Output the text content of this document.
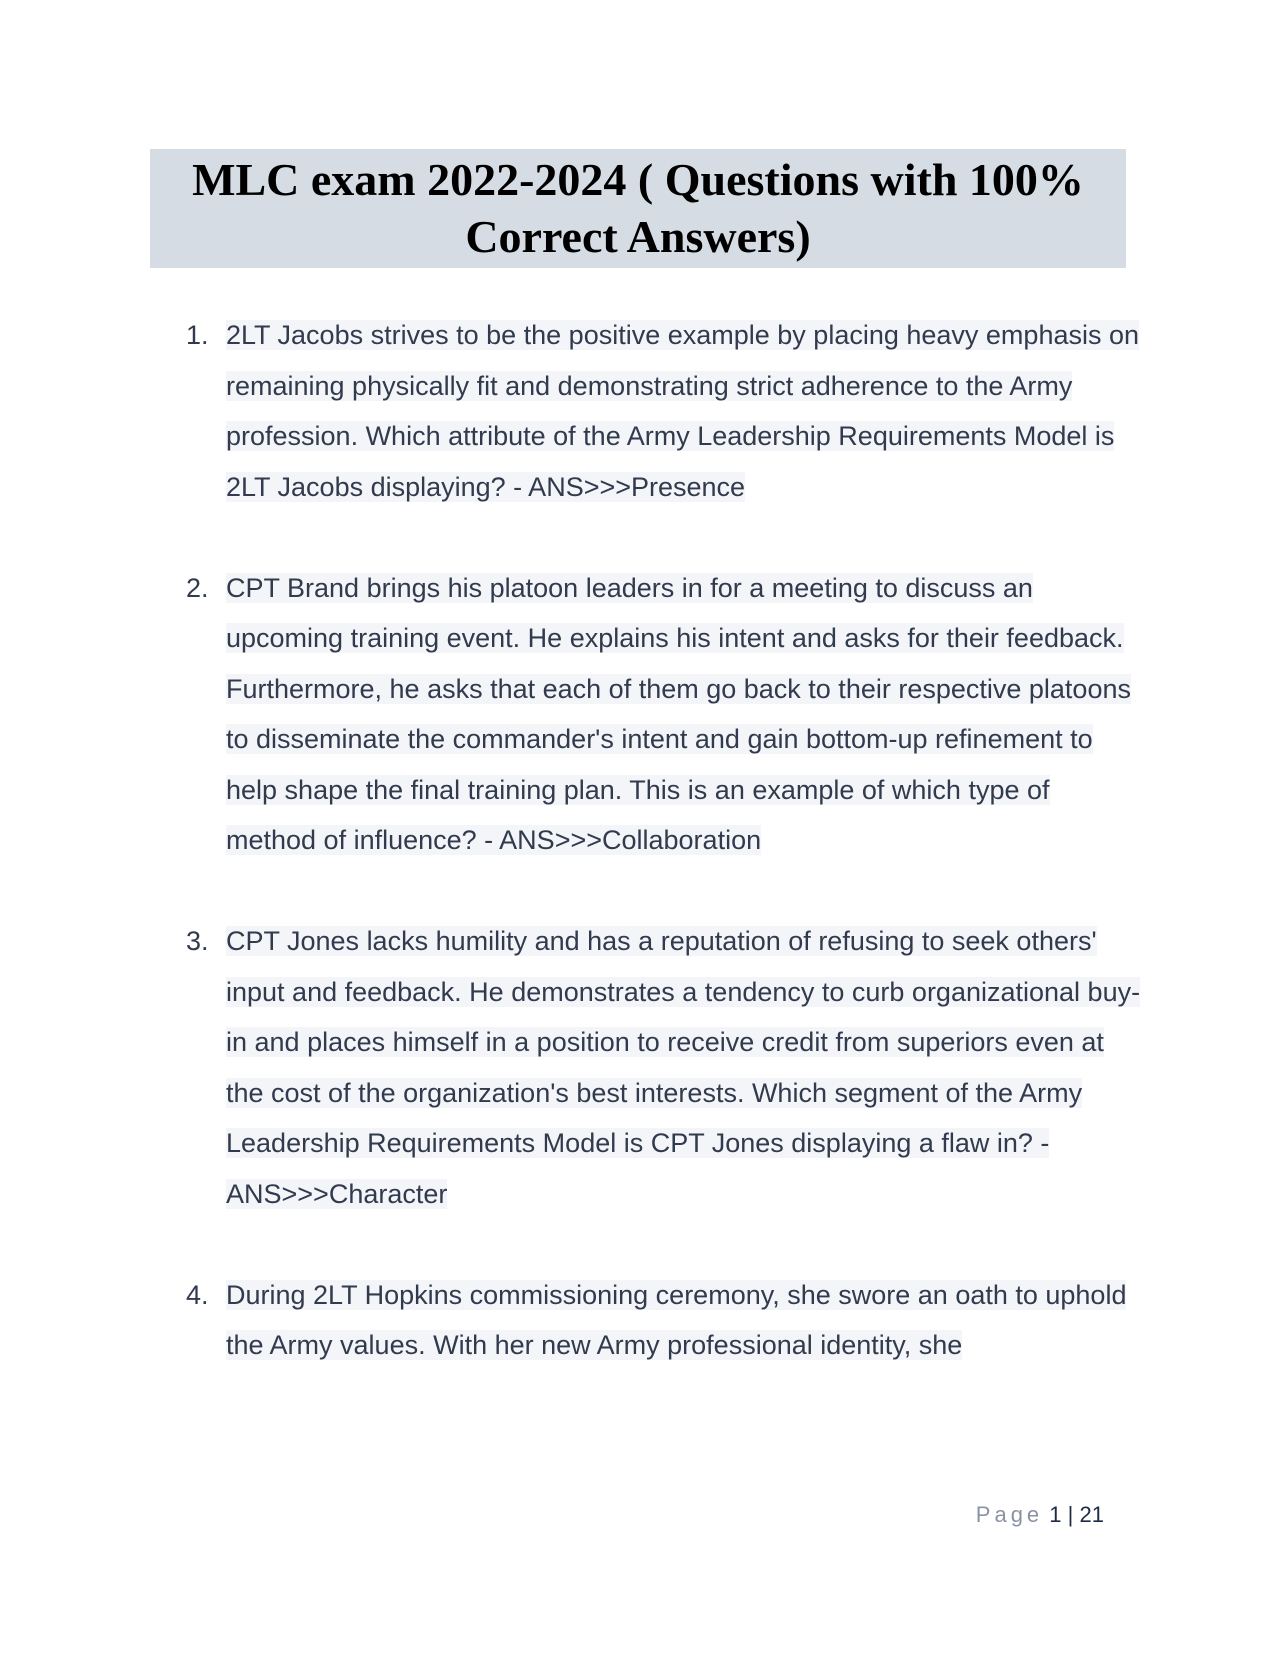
MLC exam 2022-2024 ( Questions with 100% Correct Answers)
1. 2LT Jacobs strives to be the positive example by placing heavy emphasis on remaining physically fit and demonstrating strict adherence to the Army profession. Which attribute of the Army Leadership Requirements Model is 2LT Jacobs displaying? - ANS>>>Presence
2. CPT Brand brings his platoon leaders in for a meeting to discuss an upcoming training event. He explains his intent and asks for their feedback. Furthermore, he asks that each of them go back to their respective platoons to disseminate the commander's intent and gain bottom-up refinement to help shape the final training plan. This is an example of which type of method of influence? - ANS>>>Collaboration
3. CPT Jones lacks humility and has a reputation of refusing to seek others' input and feedback. He demonstrates a tendency to curb organizational buy-in and places himself in a position to receive credit from superiors even at the cost of the organization's best interests. Which segment of the Army Leadership Requirements Model is CPT Jones displaying a flaw in? - ANS>>>Character
4. During 2LT Hopkins commissioning ceremony, she swore an oath to uphold the Army values. With her new Army professional identity, she
Page 1 | 21
